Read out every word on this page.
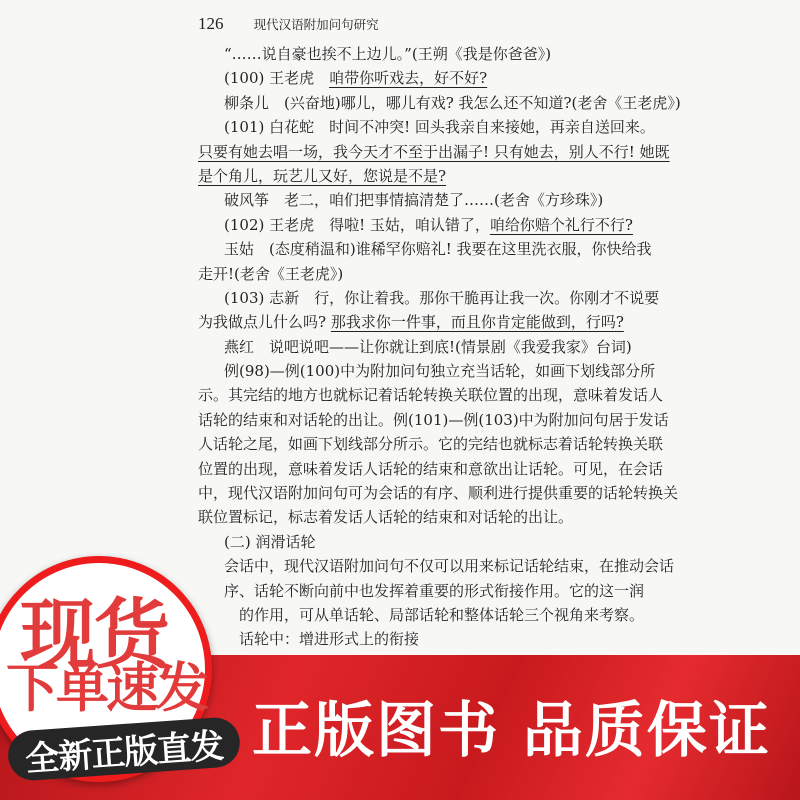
126 现代汉语附加问句研究
“……说自豪也挨不上边儿。”(王朔《我是你爸爸》)
(100) 王老虎　咱带你听戏去，好不好?
柳条儿　(兴奋地)哪儿，哪儿有戏? 我怎么还不知道?(老舍《王老虎》)
(101) 白花蛇　时间不冲突! 回头我亲自来接她，再亲自送回来。
只要有她去唱一场，我今天才不至于出漏子! 只有她去，别人不行! 她既
是个角儿，玩艺儿又好，您说是不是?
破风筝　老二，咱们把事情搞清楚了……(老舍《方珍珠》)
(102) 王老虎　得啦! 玉姑，咱认错了，咱给你赔个礼行不行?
玉姑　(态度稍温和)谁稀罕你赔礼! 我要在这里洗衣服，你快给我
走开!(老舍《王老虎》)
(103) 志新　行，你让着我。那你干脆再让我一次。你刚才不说要
为我做点儿什么吗? 那我求你一件事，而且你肯定能做到，行吗?
燕红　说吧说吧——让你就让到底!(情景剧《我爱我家》台词)
例(98)—例(100)中为附加问句独立充当话轮，如画下划线部分所
示。其完结的地方也就标记着话轮转换关联位置的出现，意味着发话人
话轮的结束和对话轮的出让。例(101)—例(103)中为附加问句居于发话
人话轮之尾，如画下划线部分所示。它的完结也就标志着话轮转换关联
位置的出现，意味着发话人话轮的结束和意欲出让话轮。可见，在会话
中，现代汉语附加问句可为会话的有序、顺利进行提供重要的话轮转换关
联位置标记，标志着发话人话轮的结束和对话轮的出让。
(二) 润滑话轮
会话中，现代汉语附加问句不仅可以用来标记话轮结束，在推动会话
序、话轮不断向前中也发挥着重要的形式衔接作用。它的这一润
　的作用，可从单话轮、局部话轮和整体话轮三个视角来考察。
　话轮中：增进形式上的衔接
正版图书 品质保证
现货
全新正版直发
下单速发
